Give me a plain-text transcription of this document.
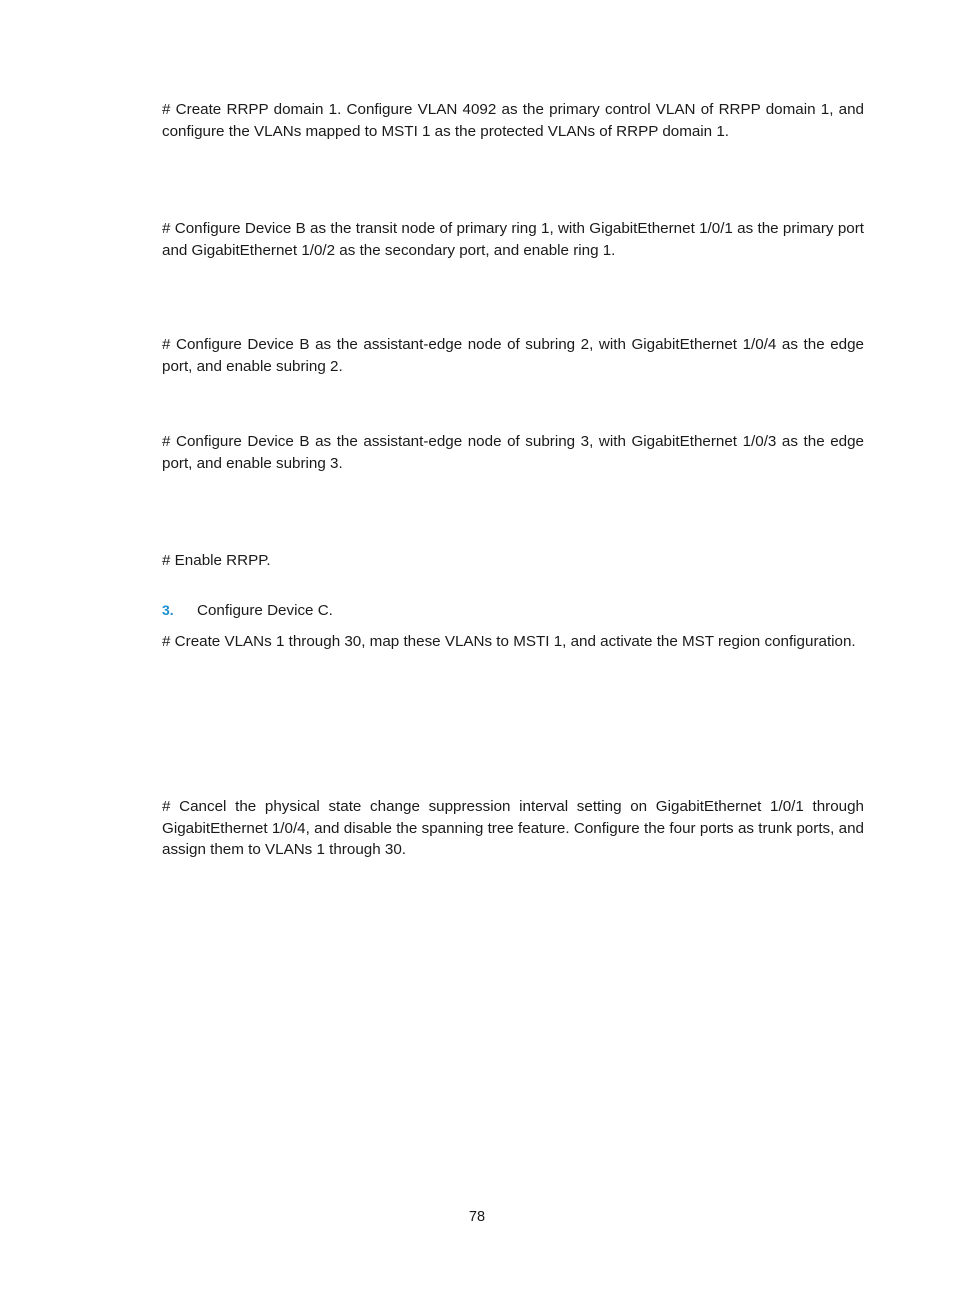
# Create RRPP domain 1. Configure VLAN 4092 as the primary control VLAN of RRPP domain 1, and configure the VLANs mapped to MSTI 1 as the protected VLANs of RRPP domain 1.

# Configure Device B as the transit node of primary ring 1, with GigabitEthernet 1/0/1 as the primary port and GigabitEthernet 1/0/2 as the secondary port, and enable ring 1.

# Configure Device B as the assistant-edge node of subring 2, with GigabitEthernet 1/0/4 as the edge port, and enable subring 2.

# Configure Device B as the assistant-edge node of subring 3, with GigabitEthernet 1/0/3 as the edge port, and enable subring 3.

# Enable RRPP.

3. Configure Device C.

# Create VLANs 1 through 30, map these VLANs to MSTI 1, and activate the MST region configuration.

# Cancel the physical state change suppression interval setting on GigabitEthernet 1/0/1 through GigabitEthernet 1/0/4, and disable the spanning tree feature. Configure the four ports as trunk ports, and assign them to VLANs 1 through 30.

78
